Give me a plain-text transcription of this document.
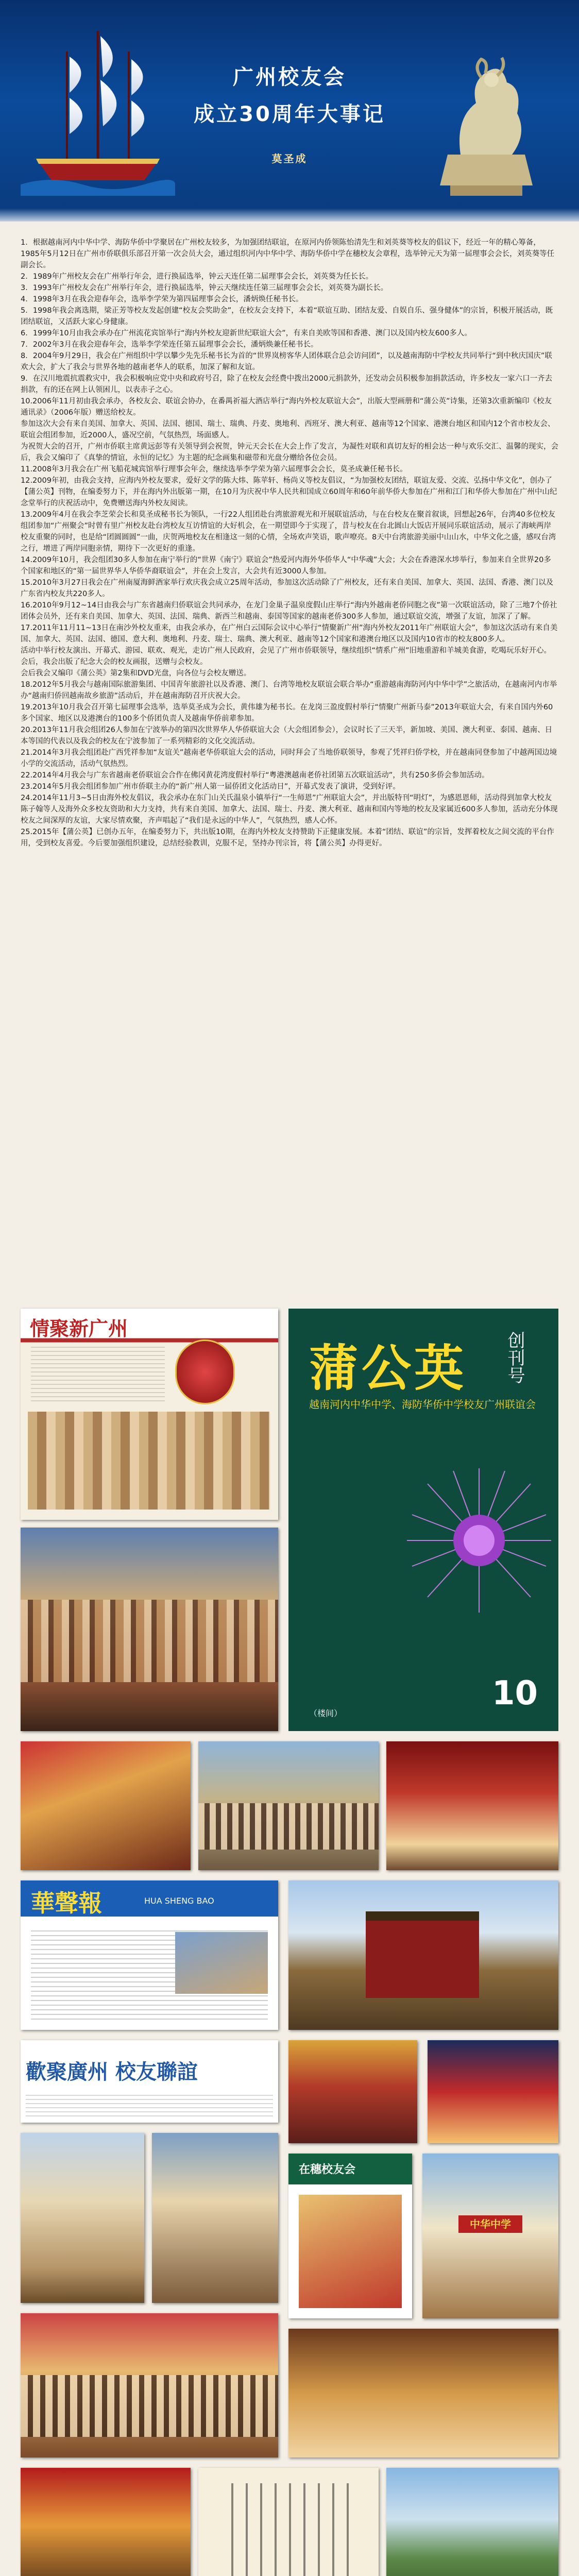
广州校友会
成立30周年大事记
莫圣成

1．根据越南河内中华中学、海防华侨中学聚居在广州校友较多，为加强团结联谊，在原河内侨领陈怡清先生和刘英葵等校友的倡议下，经近一年的精心筹备，1985年5月12日在广州市侨联俱乐部召开第一次会员大会，通过组织河内中华中学、海防华侨中学在穗校友会章程，选举钟元天为第一届理事会会长，刘英葵等任副会长。

2．1989年广州校友会在广州举行年会，进行换届选举，钟云天连任第二届理事会会长，刘英葵为任长长。

3．1993年广州校友会在广州举行年会，进行换届选举，钟云天继续连任第三届理事会会长，刘英葵为副长长。

4．1998年3月在我会迎春年会，选举李学荣为第四届理事会会长，潘炳焕任秘书长。

5．1998年我会离选期，梁正芳等校友发起创建“校友会奖助金”，在校友会支持下，本着“联谊互助、团结友爱、自娱自乐、强身健体”的宗旨，积极开展活动，既团结联谊，又活跃大家心身健康。

6．1999年10月由我会承办在广州流花宾馆举行“海内外校友迎新世纪联谊大会”，有来自美欧等国和香港、澳门以及国内校友600多人。

7．2002年3月在我会迎春年会，选举李学荣连任第五届理事会会长，潘炳焕兼任秘书长。

8．2004年9月29日，我会在广州组织中学以攀少先先乐秘书长为首的“世界岚榜客华人团体联合总会访问团”，以及越南海防中学校友共同举行“到中秋庆国庆”联欢大会，扩大了我会与世界各地的越南老华人的联系，加深了解和友谊。

9．在汉川地震抗震救灾中，我会积极响应党中央和政府号召，除了在校友会经费中拨出2000元捐款外，还发动会员积极参加捐款活动，许多校友一家六口一齐去捐款，有的还在网上认领困儿，以表赤子之心。

10.2006年11月初由我会承办，各校友会、联谊会协办，在番禺祈福大酒店举行“海内外校友联谊大会”，出版大型画册和“蒲公英”诗集，还第3次重新编印《校友通讯录》（2006年版）赠送给校友。

参加这次大会有来自美国、加拿大、英国、法国、德国、瑞士、瑞典、丹麦、奥地利、西班牙、澳大利亚、越南等12个国家、港澳台地区和国内12个省市校友会、联谊会组团参加，近2000人，盛况空前，气氛热烈，场面感人。

为祝贺大会的召开，广州市侨联主席黄远彭等有关领导到会祝贺，钟元天会长在大会上作了发言，为凝性对联和真切友好的相会达一种与欢乐交汇、温馨的现实，会后，我会又编印了《真挚的情谊，永恒的记忆》为主题的纪念画集和磁带和光盘分赠给各位会员。

11.2008年3月我会在广州飞船花城宾馆举行理事会年会，继续选举李学荣为第六届理事会会长，莫圣成兼任秘书长。

12.2009年初，由我会支持，应海内外校友要求，爱好文学的陈大炜、陈苹轩、杨尚义等校友倡议，“为加强校友团结，联谊友爱、交流、弘扬中华文化”，创办了【蒲公英】刊物，在编委努力下，并在海内外出版第一期，在10月为庆祝中华人民共和国成立60周年和60年前华侨大参加在广州和江门和华侨大参加在广州中山纪念堂举行的庆祝活动中，免费赠送海内外校友阅读。

13.2009年4月在我会李芝荣会长和莫圣成秘书长为领队，一行22人组团赴台湾旅游观光和开展联谊活动，与在台校友在聚首叙谈，回想起26年，台湾40多位校友组团参加“广州聚会”时曾有里广州校友赴台湾校友互访情谊的大好机会，在一期望即今于实现了，昔与校友在台北圆山大饭店开展同乐联谊活动，展示了海峡两岸校友重聚的同时，也是给“团圆圆圆”一曲，庆贺两地校友在相逢这一刻的心情，全场欢声笑语，歌声嘹亮。8天中台湾旅游美丽中山山水，中华文化之盛，感叹台湾之行，增进了两岸同胞亲情，期待下一次更好的重逢。

14.2009年10月，我会组团30多人参加在南宁举行的“世界《南宁》联谊会”热爱河内海外华侨华人“中华魂”大会；大会在香港深水埗举行，参加来自全世界20多个国家和地区的“第一届世界华人华侨华裔联谊会”，并在会上发言，大会共有近3000人参加。

15.2010年3月27日我会在广州南厦海鲜酒家举行欢庆我会成立25周年活动，参加这次活动除了广州校友，还有来自美国、加拿大、英国、法国、香港、澳门以及广东省内校友共220多人。

16.2010年9月12~14日由我会与广东省越南归侨联谊会共同承办，在龙门金巢子温泉度假山庄举行“海内外越南老侨同胞之夜”第一次联谊活动，除了三地7个侨社团体会员外，还有来自美国、加拿大、英国、法国、瑞典、新西兰和越南、泰国等国家的越南老侨300多人参加，通过联谊交流，增强了友谊，加深了了解。

17.2011年11月11~13日在南沙外校友重来，由我会承办，在广州白云国际会议中心举行“情聚新广州”海内外校友2011年广州联谊大会”，参加这次活动有来自美国、加拿大、英国、法国、德国、意大利、奥地利、丹麦、瑞士、瑞典、澳大利亚、越南等12个国家和港澳台地区以及国内10省市的校友800多人。

活动中举行校友演出、开幕式、游园、联欢、观光，走访广州人民政府，会见了广州市侨联领导，继续组织“情系广州”旧地重游和羊城美食游，吃喝玩乐好开心。会后，我会出版了纪念大会的校友画报，送赠与会校友。

会后我会又编印《蒲公英》第2集和DVD光盘，向各位与会校友赠送。

18.2012年5月我会与越南国际旅游集团、中国青年旅游社以及香港、澳门、台湾等地校友联谊会联合举办“重游越南海防河内中华中学”之旅活动，在越南河内市举办“越南归侨回越南故乡旅游”活动后，并在越南海防召开庆祝大会。

19.2013年10月我会召开第七届理事会选举，选举莫圣成为会长，黄伟雄为秘书长。在龙岗三盈度假村举行“情聚广州新马泰”2013年联谊大会，有来自国内外60多个国家、地区以及港澳台的100多个侨团负责人及越南华侨前辈参加。

20.2013年11月我会组团26人参加在宁波举办的第四次世界华人华侨联谊大会（大会组团参会），会议时长了三天半，新加坡、美国、澳大利亚、泰国、越南、日本等国的代表以及我会的校友在宁波参加了一系列精彩的文化交流活动。

21.2014年3月我会组团赴广西凭祥参加“友谊关”越南老华侨联谊大会的活动，同时拜会了当地侨联领导，参观了凭祥归侨学校，并在越南同登参加了中越两国边境小学的交流活动，活动气氛热烈。

22.2014年4月我会与广东省越南老侨联谊会合作在佛冈黄花湾度假村举行“粤港澳越南老侨社团第五次联谊活动”，共有250多侨会参加活动。

23.2014年5月我会组团参加广州市侨联主办的“新广州人第一届侨团文化活动日”，开幕式发表了演讲，受到好评。

24.2014年11月3~5日由海外校友倡议，我会承办在东门山关氏温泉小镇举行“一生师恩”广州联谊大会”，并出版特刊“明灯”，为感恩恩师，活动得到加拿大校友陈子翰等人及海外众多校友资助和大力支持，共有来自美国、加拿大、法国、瑞士、丹麦、澳大利亚、越南和国内等地的校友及家属近600多人参加，活动充分体现校友之间深厚的友谊，大家尽情欢聚，齐声唱起了“我们是永远的中华人”，气氛热烈，感人心怀。

25.2015年【蒲公英】已创办五年，在编委努力下，共出版10期，在海内外校友支持赞助下正健康发展。本着“团结、联谊”的宗旨，发挥着校友之间交流的平台作用，受到校友喜爱。今后要加强组织建设，总结经验教训，克服不足，坚持办刊宗旨，将【蒲公英】办得更好。

情聚新广州
蒲公英 创刊号
越南河内中华中学、海防华侨中学校友广州联谊会
10
（楼间）
華聲報	HUA SHENG BAO
歡聚廣州 校友聯誼
在穗校友会
中华中学
